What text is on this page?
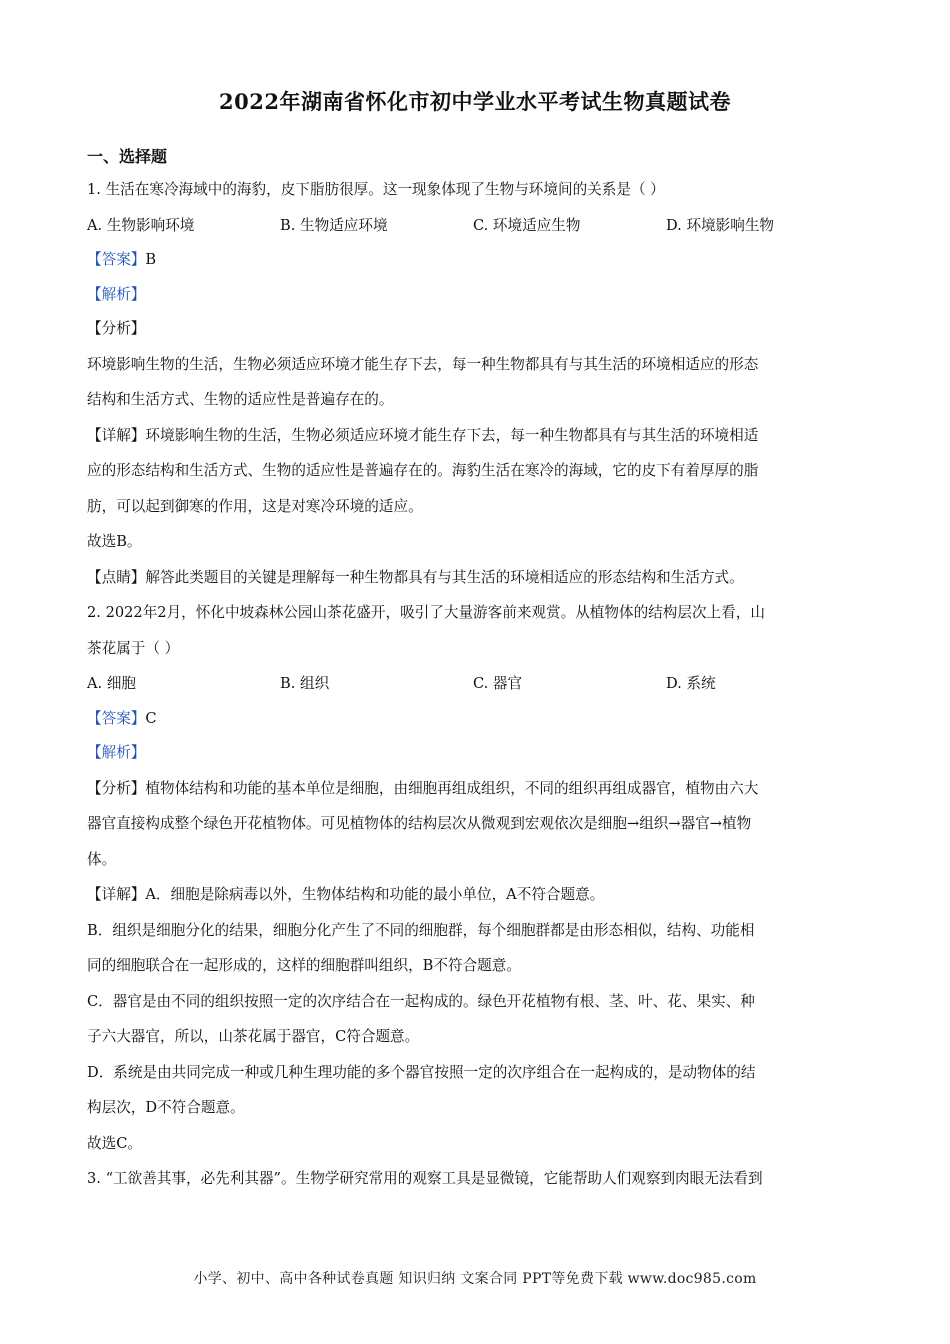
2022年湖南省怀化市初中学业水平考试生物真题试卷
一、选择题
1. 生活在寒冷海域中的海豹，皮下脂肪很厚。这一现象体现了生物与环境间的关系是（ ）
A. 生物影响环境	B. 生物适应环境	C. 环境适应生物	D. 环境影响生物
【答案】B
【解析】
【分析】
环境影响生物的生活，生物必须适应环境才能生存下去，每一种生物都具有与其生活的环境相适应的形态
结构和生活方式、生物的适应性是普遍存在的。
【详解】环境影响生物的生活，生物必须适应环境才能生存下去，每一种生物都具有与其生活的环境相适
应的形态结构和生活方式、生物的适应性是普遍存在的。海豹生活在寒冷的海域，它的皮下有着厚厚的脂
肪，可以起到御寒的作用，这是对寒冷环境的适应。
故选B。
【点睛】解答此类题目的关键是理解每一种生物都具有与其生活的环境相适应的形态结构和生活方式。
2. 2022年2月，怀化中坡森林公园山茶花盛开，吸引了大量游客前来观赏。从植物体的结构层次上看，山
茶花属于（ ）
A. 细胞	B. 组织	C. 器官	D. 系统
【答案】C
【解析】
【分析】植物体结构和功能的基本单位是细胞，由细胞再组成组织，不同的组织再组成器官，植物由六大
器官直接构成整个绿色开花植物体。可见植物体的结构层次从微观到宏观依次是细胞→组织→器官→植物
体。
【详解】A．细胞是除病毒以外，生物体结构和功能的最小单位，A不符合题意。
B．组织是细胞分化的结果，细胞分化产生了不同的细胞群，每个细胞群都是由形态相似，结构、功能相
同的细胞联合在一起形成的，这样的细胞群叫组织，B不符合题意。
C．器官是由不同的组织按照一定的次序结合在一起构成的。绿色开花植物有根、茎、叶、花、果实、种
子六大器官，所以，山茶花属于器官，C符合题意。
D．系统是由共同完成一种或几种生理功能的多个器官按照一定的次序组合在一起构成的，是动物体的结
构层次，D不符合题意。
故选C。
3. “工欲善其事，必先利其器”。生物学研究常用的观察工具是显微镜，它能帮助人们观察到肉眼无法看到
小学、初中、高中各种试卷真题 知识归纳 文案合同 PPT等免费下载 www.doc985.com
